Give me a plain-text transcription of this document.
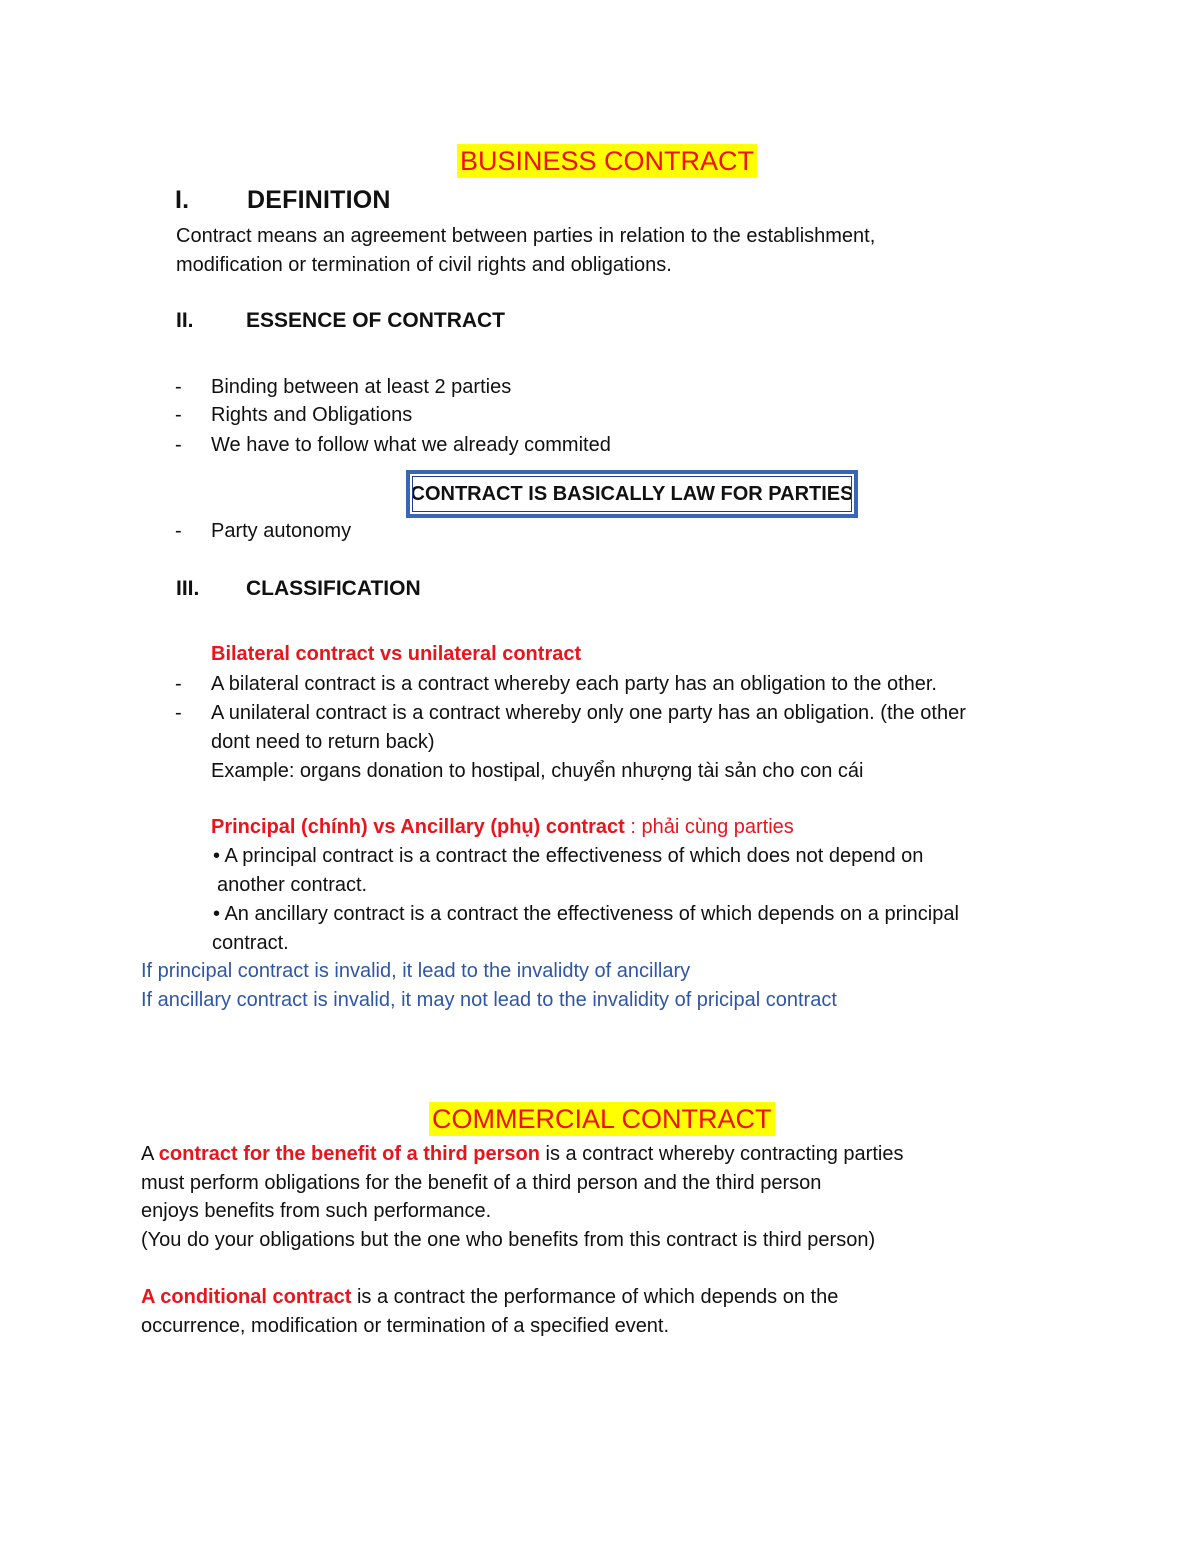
BUSINESS CONTRACT
I. DEFINITION
Contract means an agreement between parties in relation to the establishment,
modification or termination of civil rights and obligations.
II. ESSENCE OF CONTRACT
- Binding between at least 2 parties
- Rights and Obligations
- We have to follow what we already commited
CONTRACT IS BASICALLY LAW FOR PARTIES
- Party autonomy
III. CLASSIFICATION
Bilateral contract vs unilateral contract
- A bilateral contract is a contract whereby each party has an obligation to the other.
- A unilateral contract is a contract whereby only one party has an obligation. (the other
dont need to return back)
Example: organs donation to hostipal, chuyển nhượng tài sản cho con cái
Principal (chính) vs Ancillary (phụ) contract : phải cùng parties
• A principal contract is a contract the effectiveness of which does not depend on
another contract.
• An ancillary contract is a contract the effectiveness of which depends on a principal
contract.
If principal contract is invalid, it lead to the invalidty of ancillary
If ancillary contract is invalid, it may not lead to the invalidity of pricipal contract
COMMERCIAL CONTRACT
A contract for the benefit of a third person is a contract whereby contracting parties
must perform obligations for the benefit of a third person and the third person
enjoys benefits from such performance.
(You do your obligations but the one who benefits from this contract is third person)
A conditional contract is a contract the performance of which depends on the
occurrence, modification or termination of a specified event.
